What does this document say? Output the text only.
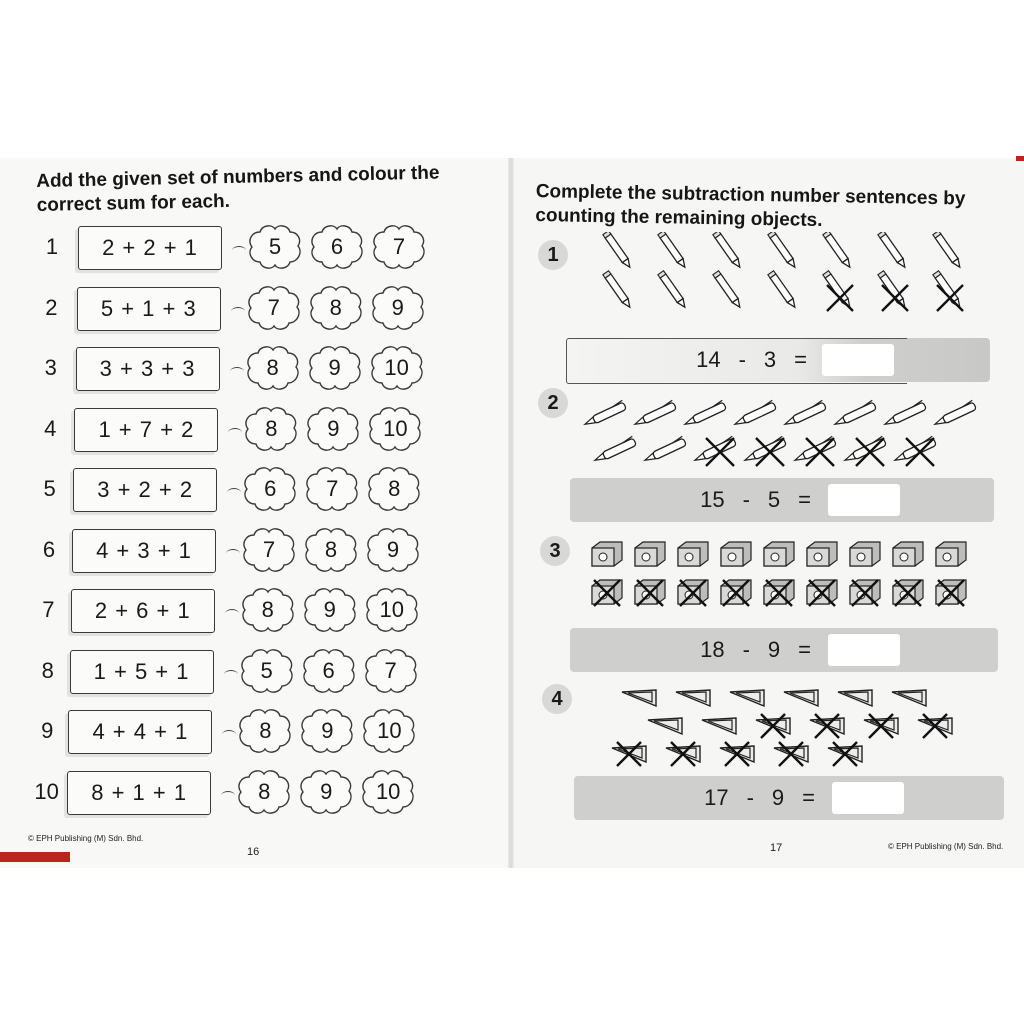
Add the given set of numbers and colour the correct sum for each.
1	2 + 2 + 1	5	6	7
2	5 + 1 + 3	7	8	9
3	3 + 3 + 3	8	9	10
4	1 + 7 + 2	8	9	10
5	3 + 2 + 2	6	7	8
6	4 + 3 + 1	7	8	9
7	2 + 6 + 1	8	9	10
8	1 + 5 + 1	5	6	7
9	4 + 4 + 1	8	9	10
10	8 + 1 + 1	8	9	10
© EPH Publishing (M) Sdn. Bhd.
16
Complete the subtraction number sentences by counting the remaining objects.
1
14 - 3 =
2
15 - 5 =
3
18 - 9 =
4
17 - 9 =
17	© EPH Publishing (M) Sdn. Bhd.
